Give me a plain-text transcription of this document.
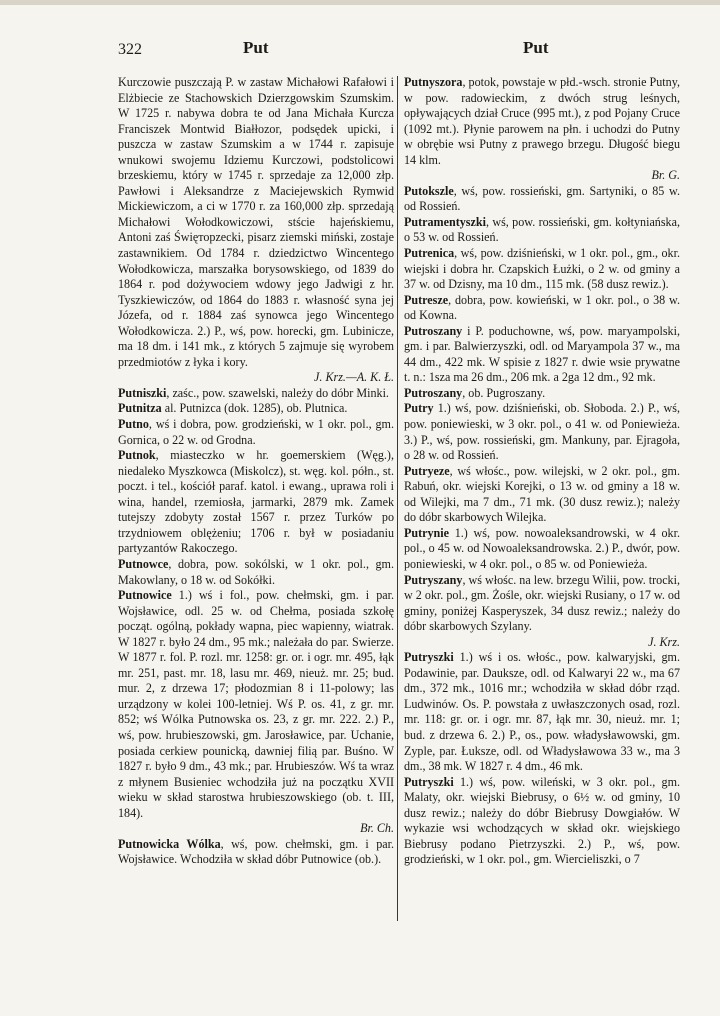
322	Put	Put

Kurczowie puszczają P. w zastaw Michałowi Rafałowi i Elżbiecie ze Stachowskich Dzierzgowskim Szumskim. W 1725 r. nabywa dobra te od Jana Michała Kurcza Franciszek Montwid Białłozor, podsędek upicki, i puszcza w zastaw Szumskim a w 1744 r. zapisuje wnukowi swojemu Idziemu Kurczowi, podstolicowi brzeskiemu, który w 1745 r. sprzedaje za 12,000 złp. Pawłowi i Aleksandrze z Maciejewskich Rymwid Mickiewiczom, a ci w 1770 r. za 160,000 złp. sprzedają Michałowi Wołodkowiczowi, stście hajeńskiemu, Antoni zaś Święторzecki, pisarz ziemski miński, zostaje zastawnikiem. Od 1784 r. dziedzictwo Wincentego Wołodkowicza, marszałka borysowskiego, od 1839 do 1864 r. pod dożywociem wdowy jego Jadwigi z hr. Tyszkiewiczów, od 1864 do 1883 r. własność syna jej Józefa, od r. 1884 zaś synowca jego Wincentego Wołodkowicza. 2.) P., wś, pow. horecki, gm. Lubinicze, ma 18 dm. i 141 mk., z których 5 zajmuje się wyrobem przedmiotów z łyka i kory.

J. Krz.—A. K. Ł.

Putniszki, zaśc., pow. szawelski, należy do dóbr Minki.

Putnitza al. Putnizca (dok. 1285), ob. Plutnica.

Putno, wś i dobra, pow. grodzieński, w 1 okr. pol., gm. Gornica, o 22 w. od Grodna.

Putnok, miasteczko w hr. goemerskiem (Węg.), niedaleko Myszkowca (Miskolcz), st. węg. kol. półn., st. poczt. i tel., kościół paraf. katol. i ewang., uprawa roli i wina, handel, rzemiosła, jarmarki, 2879 mk. Zamek tutejszy zdobyty został 1567 r. przez Turków po trzydniowem oblężeniu; 1706 r. był w posiadaniu partyzantów Rakoczego.

Putnowce, dobra, pow. sokólski, w 1 okr. pol., gm. Makowlany, o 18 w. od Sokółki.

Putnowice 1.) wś i fol., pow. chełmski, gm. i par. Wojsławice, odl. 25 w. od Chełma, posiada szkołę począt. ogólną, pokłady wapna, piec wapienny, wiatrak. W 1827 r. było 24 dm., 95 mk.; należała do par. Swierze. W 1877 r. fol. P. rozl. mr. 1258: gr. or. i ogr. mr. 495, łąk mr. 251, past. mr. 18, lasu mr. 469, nieuż. mr. 25; bud. mur. 2, z drzewa 17; płodozmian 8 i 11-polowy; las urządzony w kolei 100-letniej. Wś P. os. 41, z gr. mr. 852; wś Wólka Putnowska os. 23, z gr. mr. 222. 2.) P., wś, pow. hrubieszowski, gm. Jarosławice, par. Uchanie, posiada cerkiew pounicką, dawniej filią par. Buśno. W 1827 r. było 9 dm., 43 mk.; par. Hrubieszów. Wś ta wraz z młynem Busieniec wchodziła już na początku XVII wieku w skład starostwa hrubieszowskiego (ob. t. III, 184).

Br. Ch.

Putnowicka Wólka, wś, pow. chełmski, gm. i par. Wojsławice. Wchodziła w skład dóbr Putnowice (ob.).

Putnyszora, potok, powstaje w płd.-wsch. stronie Putny, w pow. radowieckim, z dwóch strug leśnych, opływających dział Cruce (995 mt.), z pod Pojany Cruce (1092 mt.). Płynie parowem na płn. i uchodzi do Putny w obrębie wsi Putny z prawego brzegu. Długość biegu 14 klm.

Br. G.

Putokszle, wś, pow. rossieński, gm. Sartyniki, o 85 w. od Rossień.

Putramentyszki, wś, pow. rossieński, gm. kołtyniańska, o 53 w. od Rossień.

Putrenica, wś, pow. dziśnieński, w 1 okr. pol., gm., okr. wiejski i dobra hr. Czapskich Łużki, o 2 w. od gminy a 37 w. od Dzisny, ma 10 dm., 115 mk. (58 dusz rewiz.).

Putresze, dobra, pow. kowieński, w 1 okr. pol., o 38 w. od Kowna.

Putroszany i P. poduchowne, wś, pow. maryampolski, gm. i par. Balwierzyszki, odl. od Maryampola 37 w., ma 44 dm., 422 mk. W spisie z 1827 r. dwie wsie prywatne t. n.: 1sza ma 26 dm., 206 mk. a 2ga 12 dm., 92 mk.

Putroszany, ob. Pugroszany.

Putry 1.) wś, pow. dziśnieński, ob. Słoboda. 2.) P., wś, pow. poniewieski, w 3 okr. pol., o 41 w. od Poniewieża. 3.) P., wś, pow. rossieński, gm. Mankuny, par. Ejragoła, o 28 w. od Rossień.

Putryeze, wś włośc., pow. wilejski, w 2 okr. pol., gm. Rabuń, okr. wiejski Korejki, o 13 w. od gminy a 18 w. od Wilejki, ma 7 dm., 71 mk. (30 dusz rewiz.); należy do dóbr skarbowych Wilejka.

Putrynie 1.) wś, pow. nowoaleksandrowski, w 4 okr. pol., o 45 w. od Nowoaleksandrowska. 2.) P., dwór, pow. poniewieski, w 4 okr. pol., o 85 w. od Poniewieża.

Putryszany, wś włośc. na lew. brzegu Wilii, pow. trocki, w 2 okr. pol., gm. Żośle, okr. wiejski Rusiany, o 17 w. od gminy, poniżej Kasperyszek, 34 dusz rewiz.; należy do dóbr skarbowych Szylany.

J. Krz.

Putryszki 1.) wś i os. włośc., pow. kalwaryjski, gm. Podawinie, par. Dauksze, odl. od Kalwaryi 22 w., ma 67 dm., 372 mk., 1016 mr.; wchodziła w skład dóbr rząd. Ludwinów. Os. P. powstała z uwłaszczonych osad, rozl. mr. 118: gr. or. i ogr. mr. 87, łąk mr. 30, nieuż. mr. 1; bud. z drzewa 6. 2.) P., os., pow. władysławowski, gm. Zyple, par. Łuksze, odl. od Władysławowa 33 w., ma 3 dm., 38 mk. W 1827 r. 4 dm., 46 mk.

Putryszki 1.) wś, pow. wileński, w 3 okr. pol., gm. Malaty, okr. wiejski Biebrusy, o 6½ w. od gminy, 10 dusz rewiz.; należy do dóbr Biebrusy Dowgiałów. W wykazie wsi wchodzących w skład okr. wiejskiego Biebrusy podano Pietrzyszki. 2.) P., wś, pow. grodzieński, w 1 okr. pol., gm. Wiercieliszki, o 7
